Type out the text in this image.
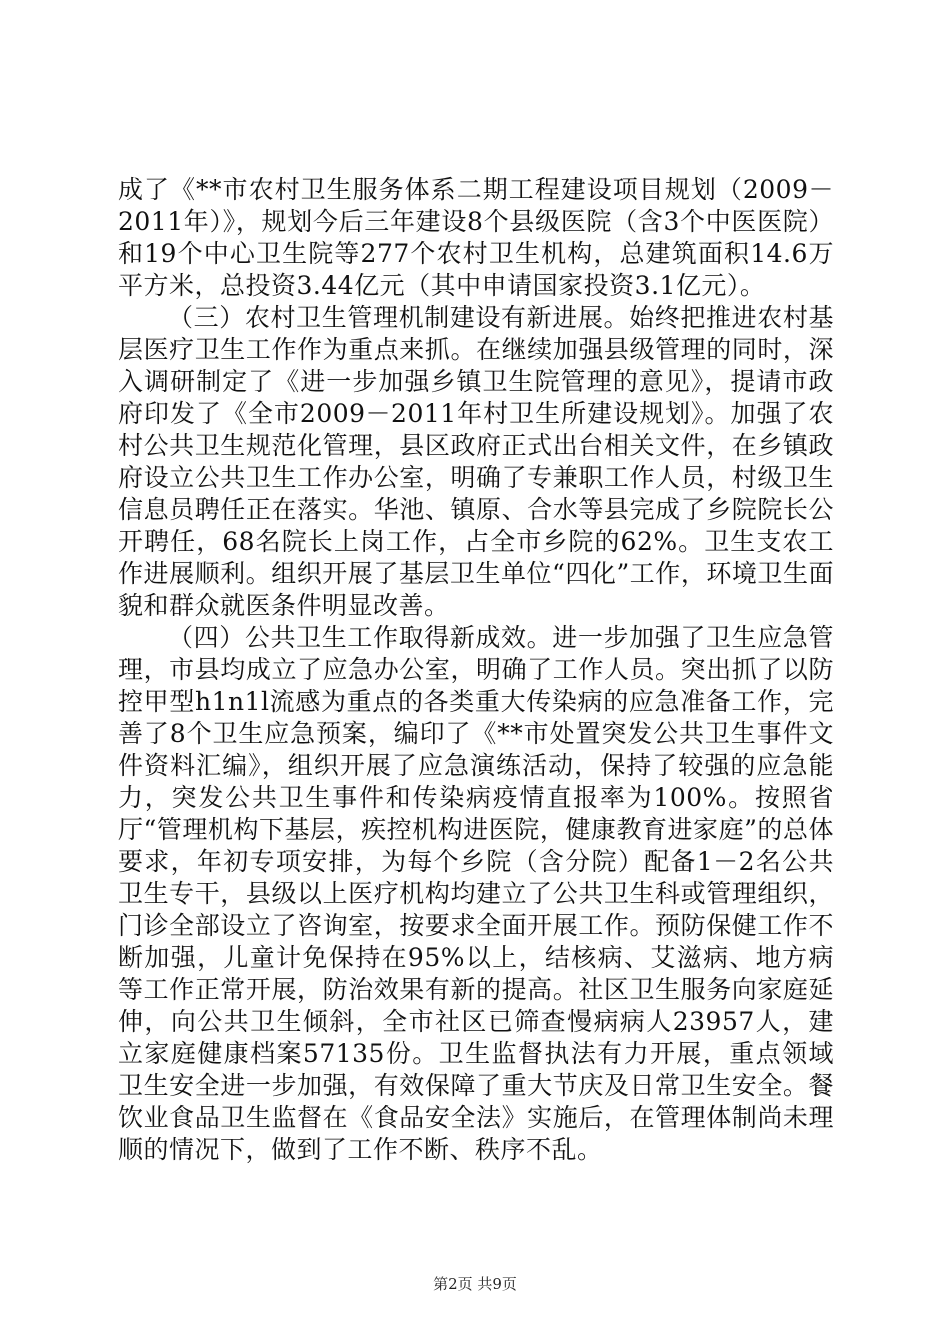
成了《**市农村卫生服务体系二期工程建设项目规划（2009－2011年）》，规划今后三年建设8个县级医院（含3个中医医院）和19个中心卫生院等277个农村卫生机构，总建筑面积14.6万平方米，总投资3.44亿元（其中申请国家投资3.1亿元）。

（三）农村卫生管理机制建设有新进展。始终把推进农村基层医疗卫生工作作为重点来抓。在继续加强县级管理的同时，深入调研制定了《进一步加强乡镇卫生院管理的意见》，提请市政府印发了《全市2009－2011年村卫生所建设规划》。加强了农村公共卫生规范化管理，县区政府正式出台相关文件，在乡镇政府设立公共卫生工作办公室，明确了专兼职工作人员，村级卫生信息员聘任正在落实。华池、镇原、合水等县完成了乡院院长公开聘任，68名院长上岗工作，占全市乡院的62%。卫生支农工作进展顺利。组织开展了基层卫生单位“四化”工作，环境卫生面貌和群众就医条件明显改善。

（四）公共卫生工作取得新成效。进一步加强了卫生应急管理，市县均成立了应急办公室，明确了工作人员。突出抓了以防控甲型h1n1l流感为重点的各类重大传染病的应急准备工作，完善了8个卫生应急预案，编印了《**市处置突发公共卫生事件文件资料汇编》，组织开展了应急演练活动，保持了较强的应急能力，突发公共卫生事件和传染病疫情直报率为100%。按照省厅“管理机构下基层，疾控机构进医院，健康教育进家庭”的总体要求，年初专项安排，为每个乡院（含分院）配备1－2名公共卫生专干，县级以上医疗机构均建立了公共卫生科或管理组织，门诊全部设立了咨询室，按要求全面开展工作。预防保健工作不断加强，儿童计免保持在95%以上，结核病、艾滋病、地方病等工作正常开展，防治效果有新的提高。社区卫生服务向家庭延伸，向公共卫生倾斜，全市社区已筛查慢病病人23957人，建立家庭健康档案57135份。卫生监督执法有力开展，重点领域卫生安全进一步加强，有效保障了重大节庆及日常卫生安全。餐饮业食品卫生监督在《食品安全法》实施后，在管理体制尚未理顺的情况下，做到了工作不断、秩序不乱。

第2页 共9页
